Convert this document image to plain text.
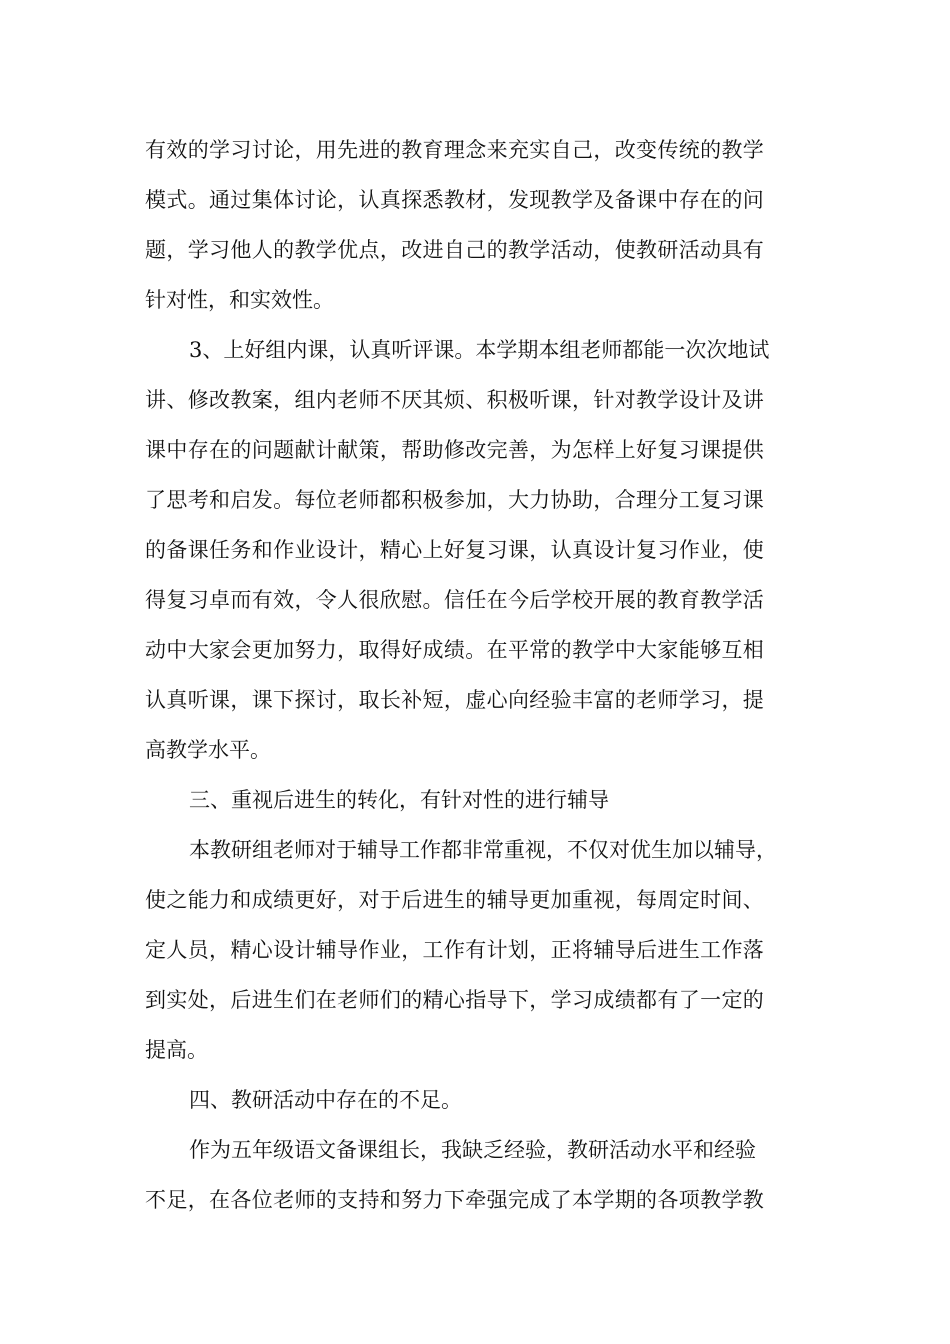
有效的学习讨论，用先进的教育理念来充实自己，改变传统的教学

模式。通过集体讨论，认真探悉教材，发现教学及备课中存在的问

题，学习他人的教学优点，改进自己的教学活动，使教研活动具有

针对性，和实效性。

3、上好组内课，认真听评课。本学期本组老师都能一次次地试

讲、修改教案，组内老师不厌其烦、积极听课，针对教学设计及讲

课中存在的问题献计献策，帮助修改完善，为怎样上好复习课提供

了思考和启发。每位老师都积极参加，大力协助，合理分工复习课

的备课任务和作业设计，精心上好复习课，认真设计复习作业，使

得复习卓而有效，令人很欣慰。信任在今后学校开展的教育教学活

动中大家会更加努力，取得好成绩。在平常的教学中大家能够互相

认真听课，课下探讨，取长补短，虚心向经验丰富的老师学习，提

高教学水平。

三、重视后进生的转化，有针对性的进行辅导

本教研组老师对于辅导工作都非常重视，不仅对优生加以辅导，

使之能力和成绩更好，对于后进生的辅导更加重视，每周定时间、

定人员，精心设计辅导作业，工作有计划，正将辅导后进生工作落

到实处，后进生们在老师们的精心指导下，学习成绩都有了一定的

提高。

四、教研活动中存在的不足。

作为五年级语文备课组长，我缺乏经验，教研活动水平和经验

不足，在各位老师的支持和努力下牵强完成了本学期的各项教学教
